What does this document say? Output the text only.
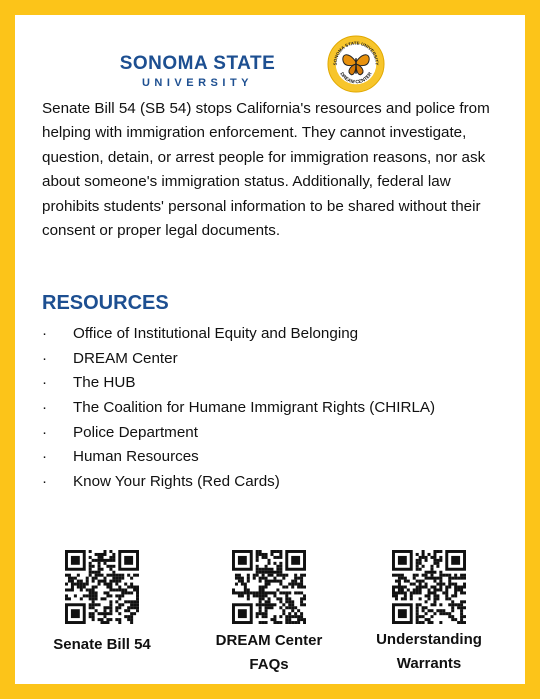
SONOMA STATE
UNIVERSITY
SONOMA STATE UNIVERSITY
DREAM CENTER
Senate Bill 54 (SB 54) stops California's resources and police from helping with immigration enforcement. They cannot investigate, question, detain, or arrest people for immigration reasons, nor ask about someone's immigration status. Additionally, federal law prohibits students' personal information to be shared without their consent or proper legal documents.
RESOURCES
·	Office of Institutional Equity and Belonging
·	DREAM Center
·	The HUB
·	The Coalition for Humane Immigrant Rights (CHIRLA)
·	Police Department
·	Human Resources
·	Know Your Rights (Red Cards)
Senate Bill 54	DREAM Center
FAQs
Understanding
Warrants
